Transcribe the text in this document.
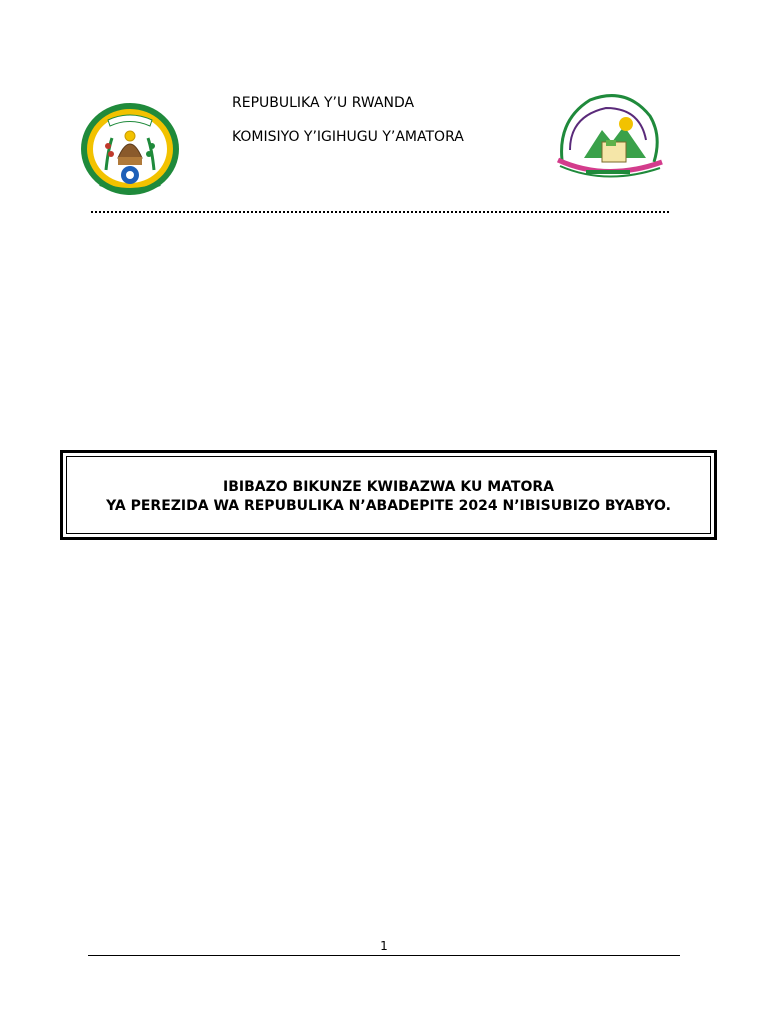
REPUBULIKA Y’U RWANDA
KOMISIYO Y’IGIHUGU Y’AMATORA
IBIBAZO BIKUNZE KWIBAZWA KU MATORA
YA PEREZIDA WA REPUBULIKA N’ABADEPITE 2024 N’IBISUBIZO BYABYO.
1
